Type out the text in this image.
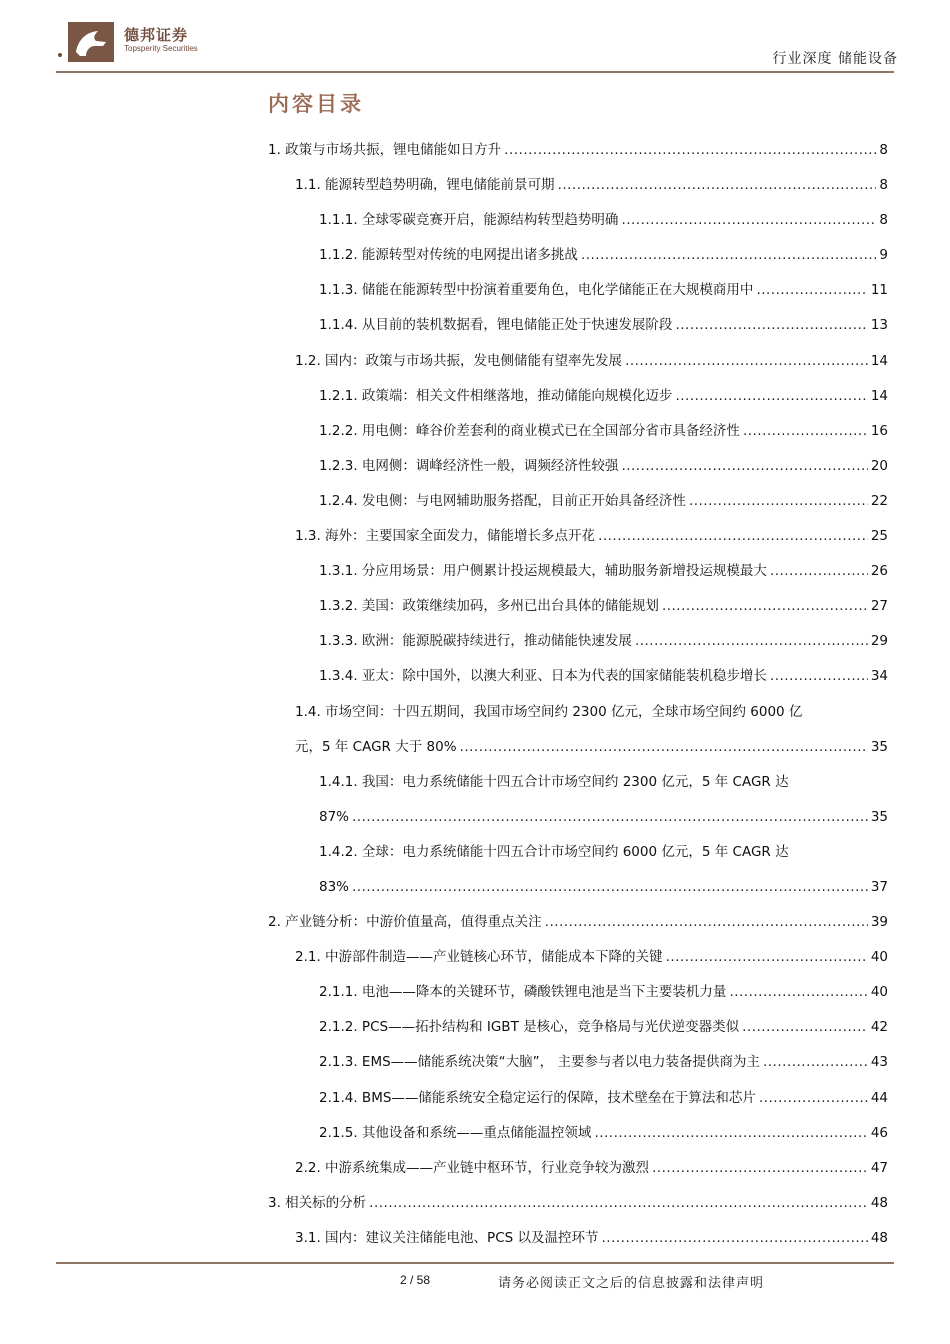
德邦证券
Topsperity Securities
行业深度 储能设备
内容目录
1. 政策与市场共振，锂电储能如日方升 .....	8
1.1. 能源转型趋势明确，锂电储能前景可期 .....	8
1.1.1. 全球零碳竞赛开启，能源结构转型趋势明确 .....	8
1.1.2. 能源转型对传统的电网提出诸多挑战 .....	9
1.1.3. 储能在能源转型中扮演着重要角色，电化学储能正在大规模商用中 .....	11
1.1.4. 从目前的装机数据看，锂电储能正处于快速发展阶段 .....	13
1.2. 国内：政策与市场共振，发电侧储能有望率先发展 .....	14
1.2.1. 政策端：相关文件相继落地，推动储能向规模化迈步 .....	14
1.2.2. 用电侧：峰谷价差套利的商业模式已在全国部分省市具备经济性 .....	16
1.2.3. 电网侧：调峰经济性一般，调频经济性较强 .....	20
1.2.4. 发电侧：与电网辅助服务搭配，目前正开始具备经济性 .....	22
1.3. 海外：主要国家全面发力，储能增长多点开花 .....	25
1.3.1. 分应用场景：用户侧累计投运规模最大，辅助服务新增投运规模最大 .....	26
1.3.2. 美国：政策继续加码，多州已出台具体的储能规划 .....	27
1.3.3. 欧洲：能源脱碳持续进行，推动储能快速发展 .....	29
1.3.4. 亚太：除中国外，以澳大利亚、日本为代表的国家储能装机稳步增长 .....	34
1.4. 市场空间：十四五期间，我国市场空间约 2300 亿元，全球市场空间约 6000 亿
元，5 年 CAGR 大于 80% .....	35
1.4.1. 我国：电力系统储能十四五合计市场空间约 2300 亿元，5 年 CAGR 达
87% .....	35
1.4.2. 全球：电力系统储能十四五合计市场空间约 6000 亿元，5 年 CAGR 达
83% .....	37
2. 产业链分析：中游价值量高，值得重点关注 .....	39
2.1. 中游部件制造——产业链核心环节，储能成本下降的关键 .....	40
2.1.1. 电池——降本的关键环节，磷酸铁锂电池是当下主要装机力量 .....	40
2.1.2. PCS——拓扑结构和 IGBT 是核心，竞争格局与光伏逆变器类似 .....	42
2.1.3. EMS——储能系统决策“大脑”， 主要参与者以电力装备提供商为主 .....	43
2.1.4. BMS——储能系统安全稳定运行的保障，技术壁垒在于算法和芯片 .....	44
2.1.5. 其他设备和系统——重点储能温控领域 .....	46
2.2. 中游系统集成——产业链中枢环节，行业竞争较为激烈 .....	47
3. 相关标的分析 .....	48
3.1. 国内：建议关注储能电池、PCS 以及温控环节 .....	48
2 / 58	请务必阅读正文之后的信息披露和法律声明
